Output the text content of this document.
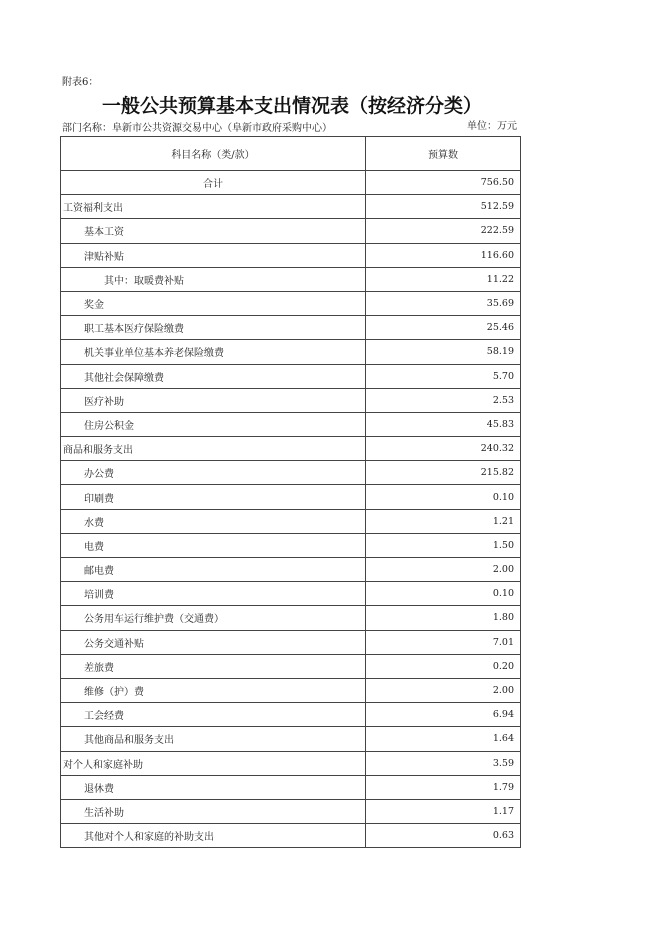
附表6：
一般公共预算基本支出情况表（按经济分类）
部门名称：阜新市公共资源交易中心（阜新市政府采购中心）	单位：万元
科目名称（类/款）	预算数
合计	756.50
工资福利支出	512.59
基本工资	222.59
津贴补贴	116.60
其中：取暖费补贴	11.22
奖金	35.69
职工基本医疗保险缴费	25.46
机关事业单位基本养老保险缴费	58.19
其他社会保障缴费	5.70
医疗补助	2.53
住房公积金	45.83
商品和服务支出	240.32
办公费	215.82
印刷费	0.10
水费	1.21
电费	1.50
邮电费	2.00
培训费	0.10
公务用车运行维护费（交通费）	1.80
公务交通补贴	7.01
差旅费	0.20
维修（护）费	2.00
工会经费	6.94
其他商品和服务支出	1.64
对个人和家庭补助	3.59
退休费	1.79
生活补助	1.17
其他对个人和家庭的补助支出	0.63
